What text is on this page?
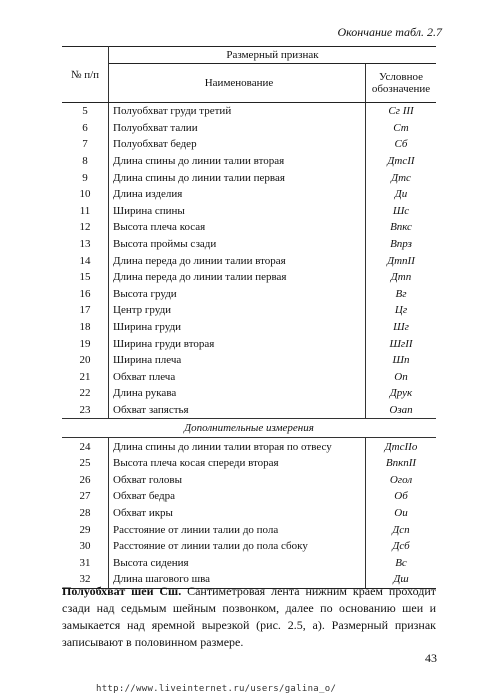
Окончание табл. 2.7
№ п/п	Размерный признак	
	Наименование	Условное
обозначение

5	Полуобхват груди третий	Сг III
6	Полуобхват талии	Ст
7	Полуобхват бедер	Сб
8	Длина спины до линии талии вторая	ДтсII
9	Длина спины до линии талии первая	Дтс
10	Длина изделия	Ди
11	Ширина спины	Шс
12	Высота плеча косая	Впкс
13	Высота проймы сзади	Впрз
14	Длина переда до линии талии вторая	ДтпII
15	Длина переда до линии талии первая	Дтп
16	Высота груди	Вг
17	Центр груди	Цг
18	Ширина груди	Шг
19	Ширина груди вторая	ШгII
20	Ширина плеча	Шп
21	Обхват плеча	Оп
22	Длина рукава	Друк
23	Обхват запястья	Озап
Дополнительные измерения		
24	Длина спины до линии талии вторая по отвесу	ДтсIIо
25	Высота плеча косая спереди вторая	ВпкпII
26	Обхват головы	Огол
27	Обхват бедра	Об
28	Обхват икры	Ои
29	Расстояние от линии талии до пола	Дсп
30	Расстояние от линии талии до пола сбоку	Дсб
31	Высота сидения	Вс
32	Длина шагового шва	Дш
Полуобхват шеи Сш. Сантиметровая лента нижним краем проходит сзади над седьмым шейным позвонком, далее по основанию шеи и замыкается над яремной вырезкой (рис. 2.5, а). Размерный признак записывают в половинном размере.
43
http://www.liveinternet.ru/users/galina_o/
